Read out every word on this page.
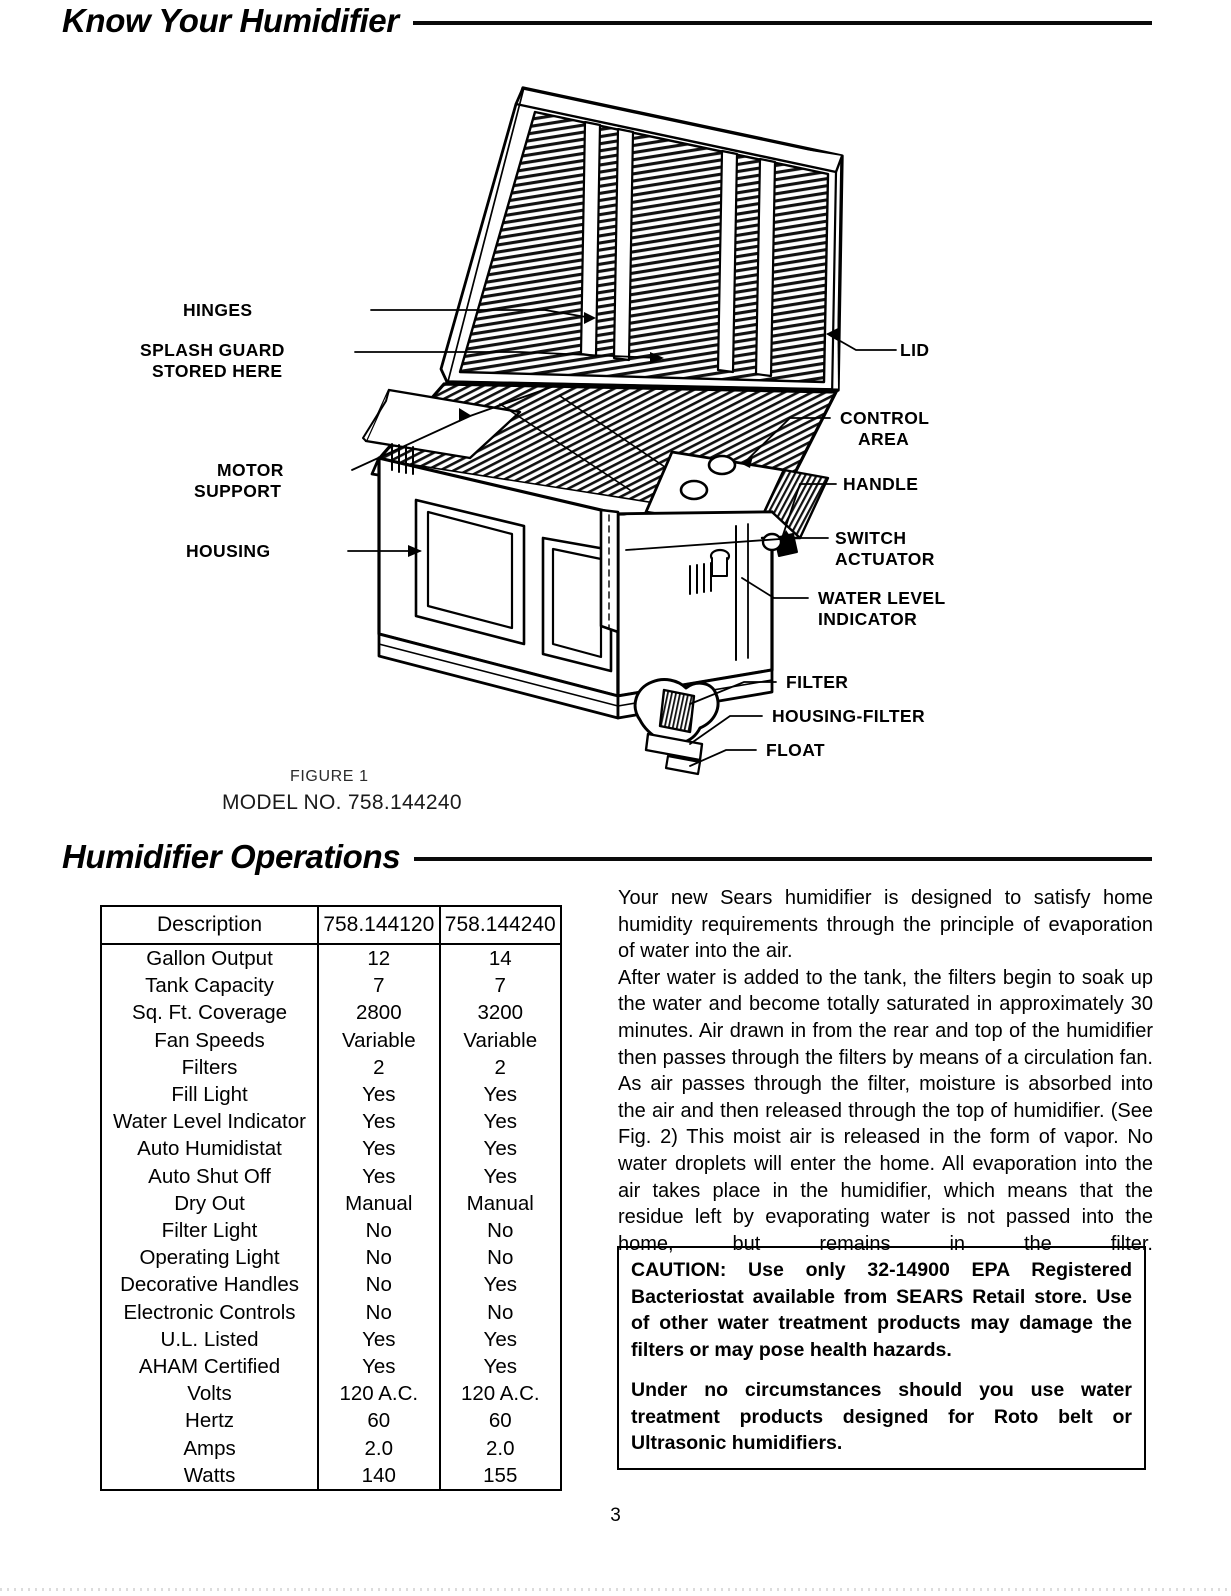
Know Your Humidifier
HINGES
SPLASH GUARD
STORED HERE
MOTOR
SUPPORT
HOUSING
LID
CONTROL
AREA
HANDLE
SWITCH
ACTUATOR
WATER LEVEL
INDICATOR
FILTER
HOUSING-FILTER
FLOAT
FIGURE 1
MODEL NO. 758.144240
Humidifier Operations
Description	758.144120	758.144240
Gallon Output	12	14
Tank Capacity	7	7
Sq. Ft. Coverage	2800	3200
Fan Speeds	Variable	Variable
Filters	2	2
Fill Light	Yes	Yes
Water Level Indicator	Yes	Yes
Auto Humidistat	Yes	Yes
Auto Shut Off	Yes	Yes
Dry Out	Manual	Manual
Filter Light	No	No
Operating Light	No	No
Decorative Handles	No	Yes
Electronic Controls	No	No
U.L. Listed	Yes	Yes
AHAM Certified	Yes	Yes
Volts	120 A.C.	120 A.C.
Hertz	60	60
Amps	2.0	2.0
Watts	140	155

Your new Sears humidifier is designed to satisfy home humidity requirements through the principle of evaporation of water into the air.

After water is added to the tank, the filters begin to soak up the water and become totally saturated in approximately 30 minutes. Air drawn in from the rear and top of the humidifier then passes through the filters by means of a circulation fan. As air passes through the filter, moisture is absorbed into the air and then released through the top of humidifier. (See Fig. 2) This moist air is released in the form of vapor. No water droplets will enter the home. All evaporation into the air takes place in the humidifier, which means that the residue left by evaporating water is not passed into the home, but remains in the filter.

CAUTION: Use only 32-14900 EPA Registered Bacteriostat available from SEARS Retail store. Use of other water treatment products may damage the filters or may pose health hazards.

Under no circumstances should you use water treatment products designed for Roto belt or Ultrasonic humidifiers.

3
